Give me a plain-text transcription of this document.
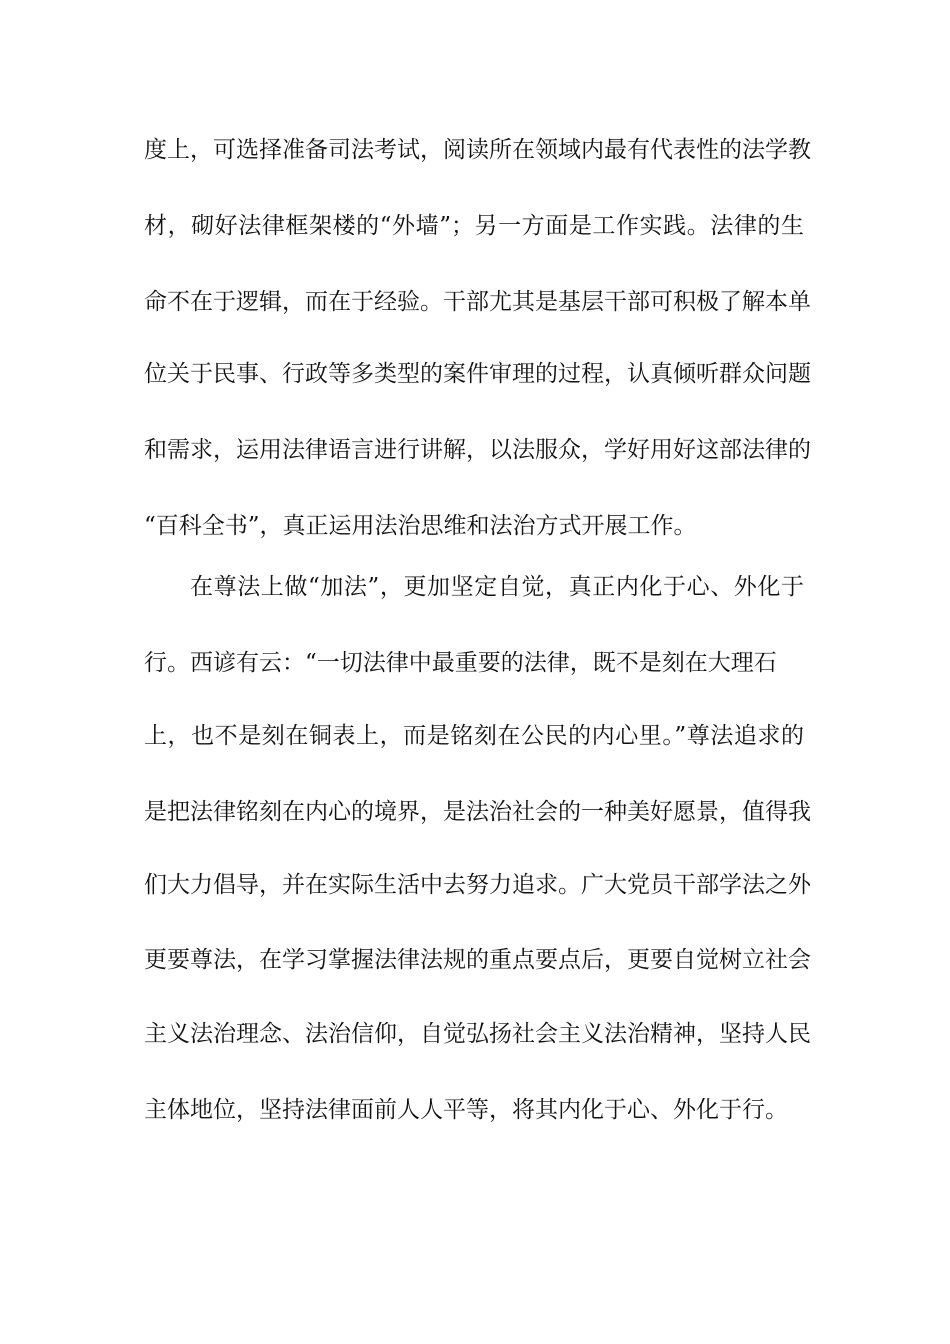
度上，可选择准备司法考试，阅读所在领域内最有代表性的法学教
材，砌好法律框架楼的“外墙”；另一方面是工作实践。法律的生
命不在于逻辑，而在于经验。干部尤其是基层干部可积极了解本单
位关于民事、行政等多类型的案件审理的过程，认真倾听群众问题
和需求，运用法律语言进行讲解，以法服众，学好用好这部法律的
“百科全书”，真正运用法治思维和法治方式开展工作。
在尊法上做“加法”，更加坚定自觉，真正内化于心、外化于
行。西谚有云：“一切法律中最重要的法律，既不是刻在大理石
上，也不是刻在铜表上，而是铭刻在公民的内心里。”尊法追求的
是把法律铭刻在内心的境界，是法治社会的一种美好愿景，值得我
们大力倡导，并在实际生活中去努力追求。广大党员干部学法之外
更要尊法，在学习掌握法律法规的重点要点后，更要自觉树立社会
主义法治理念、法治信仰，自觉弘扬社会主义法治精神，坚持人民
主体地位，坚持法律面前人人平等，将其内化于心、外化于行。
